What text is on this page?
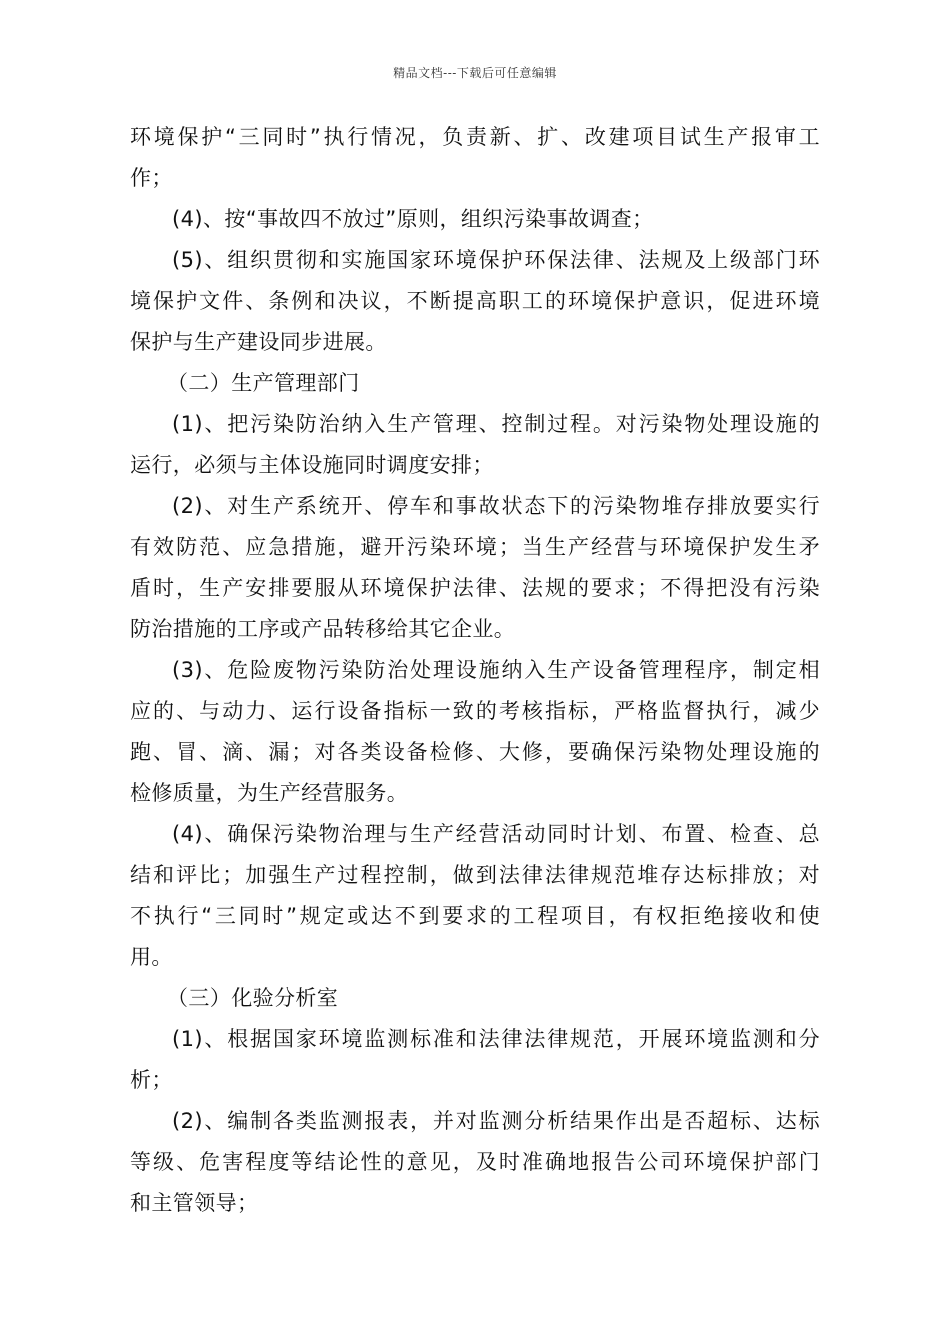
精品文档---下载后可任意编辑
环境保护“三同时”执行情况，负责新、扩、改建项目试生产报审工
作；
(4)、按“事故四不放过”原则，组织污染事故调查；
(5)、组织贯彻和实施国家环境保护环保法律、法规及上级部门环
境保护文件、条例和决议，不断提高职工的环境保护意识，促进环境
保护与生产建设同步进展。
（二）生产管理部门
(1)、把污染防治纳入生产管理、控制过程。对污染物处理设施的
运行，必须与主体设施同时调度安排；
(2)、对生产系统开、停车和事故状态下的污染物堆存排放要实行
有效防范、应急措施，避开污染环境；当生产经营与环境保护发生矛
盾时，生产安排要服从环境保护法律、法规的要求；不得把没有污染
防治措施的工序或产品转移给其它企业。
(3)、危险废物污染防治处理设施纳入生产设备管理程序，制定相
应的、与动力、运行设备指标一致的考核指标，严格监督执行，减少
跑、冒、滴、漏；对各类设备检修、大修，要确保污染物处理设施的
检修质量，为生产经营服务。
(4)、确保污染物治理与生产经营活动同时计划、布置、检查、总
结和评比；加强生产过程控制，做到法律法律规范堆存达标排放；对
不执行“三同时”规定或达不到要求的工程项目，有权拒绝接收和使
用。
（三）化验分析室
(1)、根据国家环境监测标准和法律法律规范，开展环境监测和分
析；
(2)、编制各类监测报表，并对监测分析结果作出是否超标、达标
等级、危害程度等结论性的意见，及时准确地报告公司环境保护部门
和主管领导；
